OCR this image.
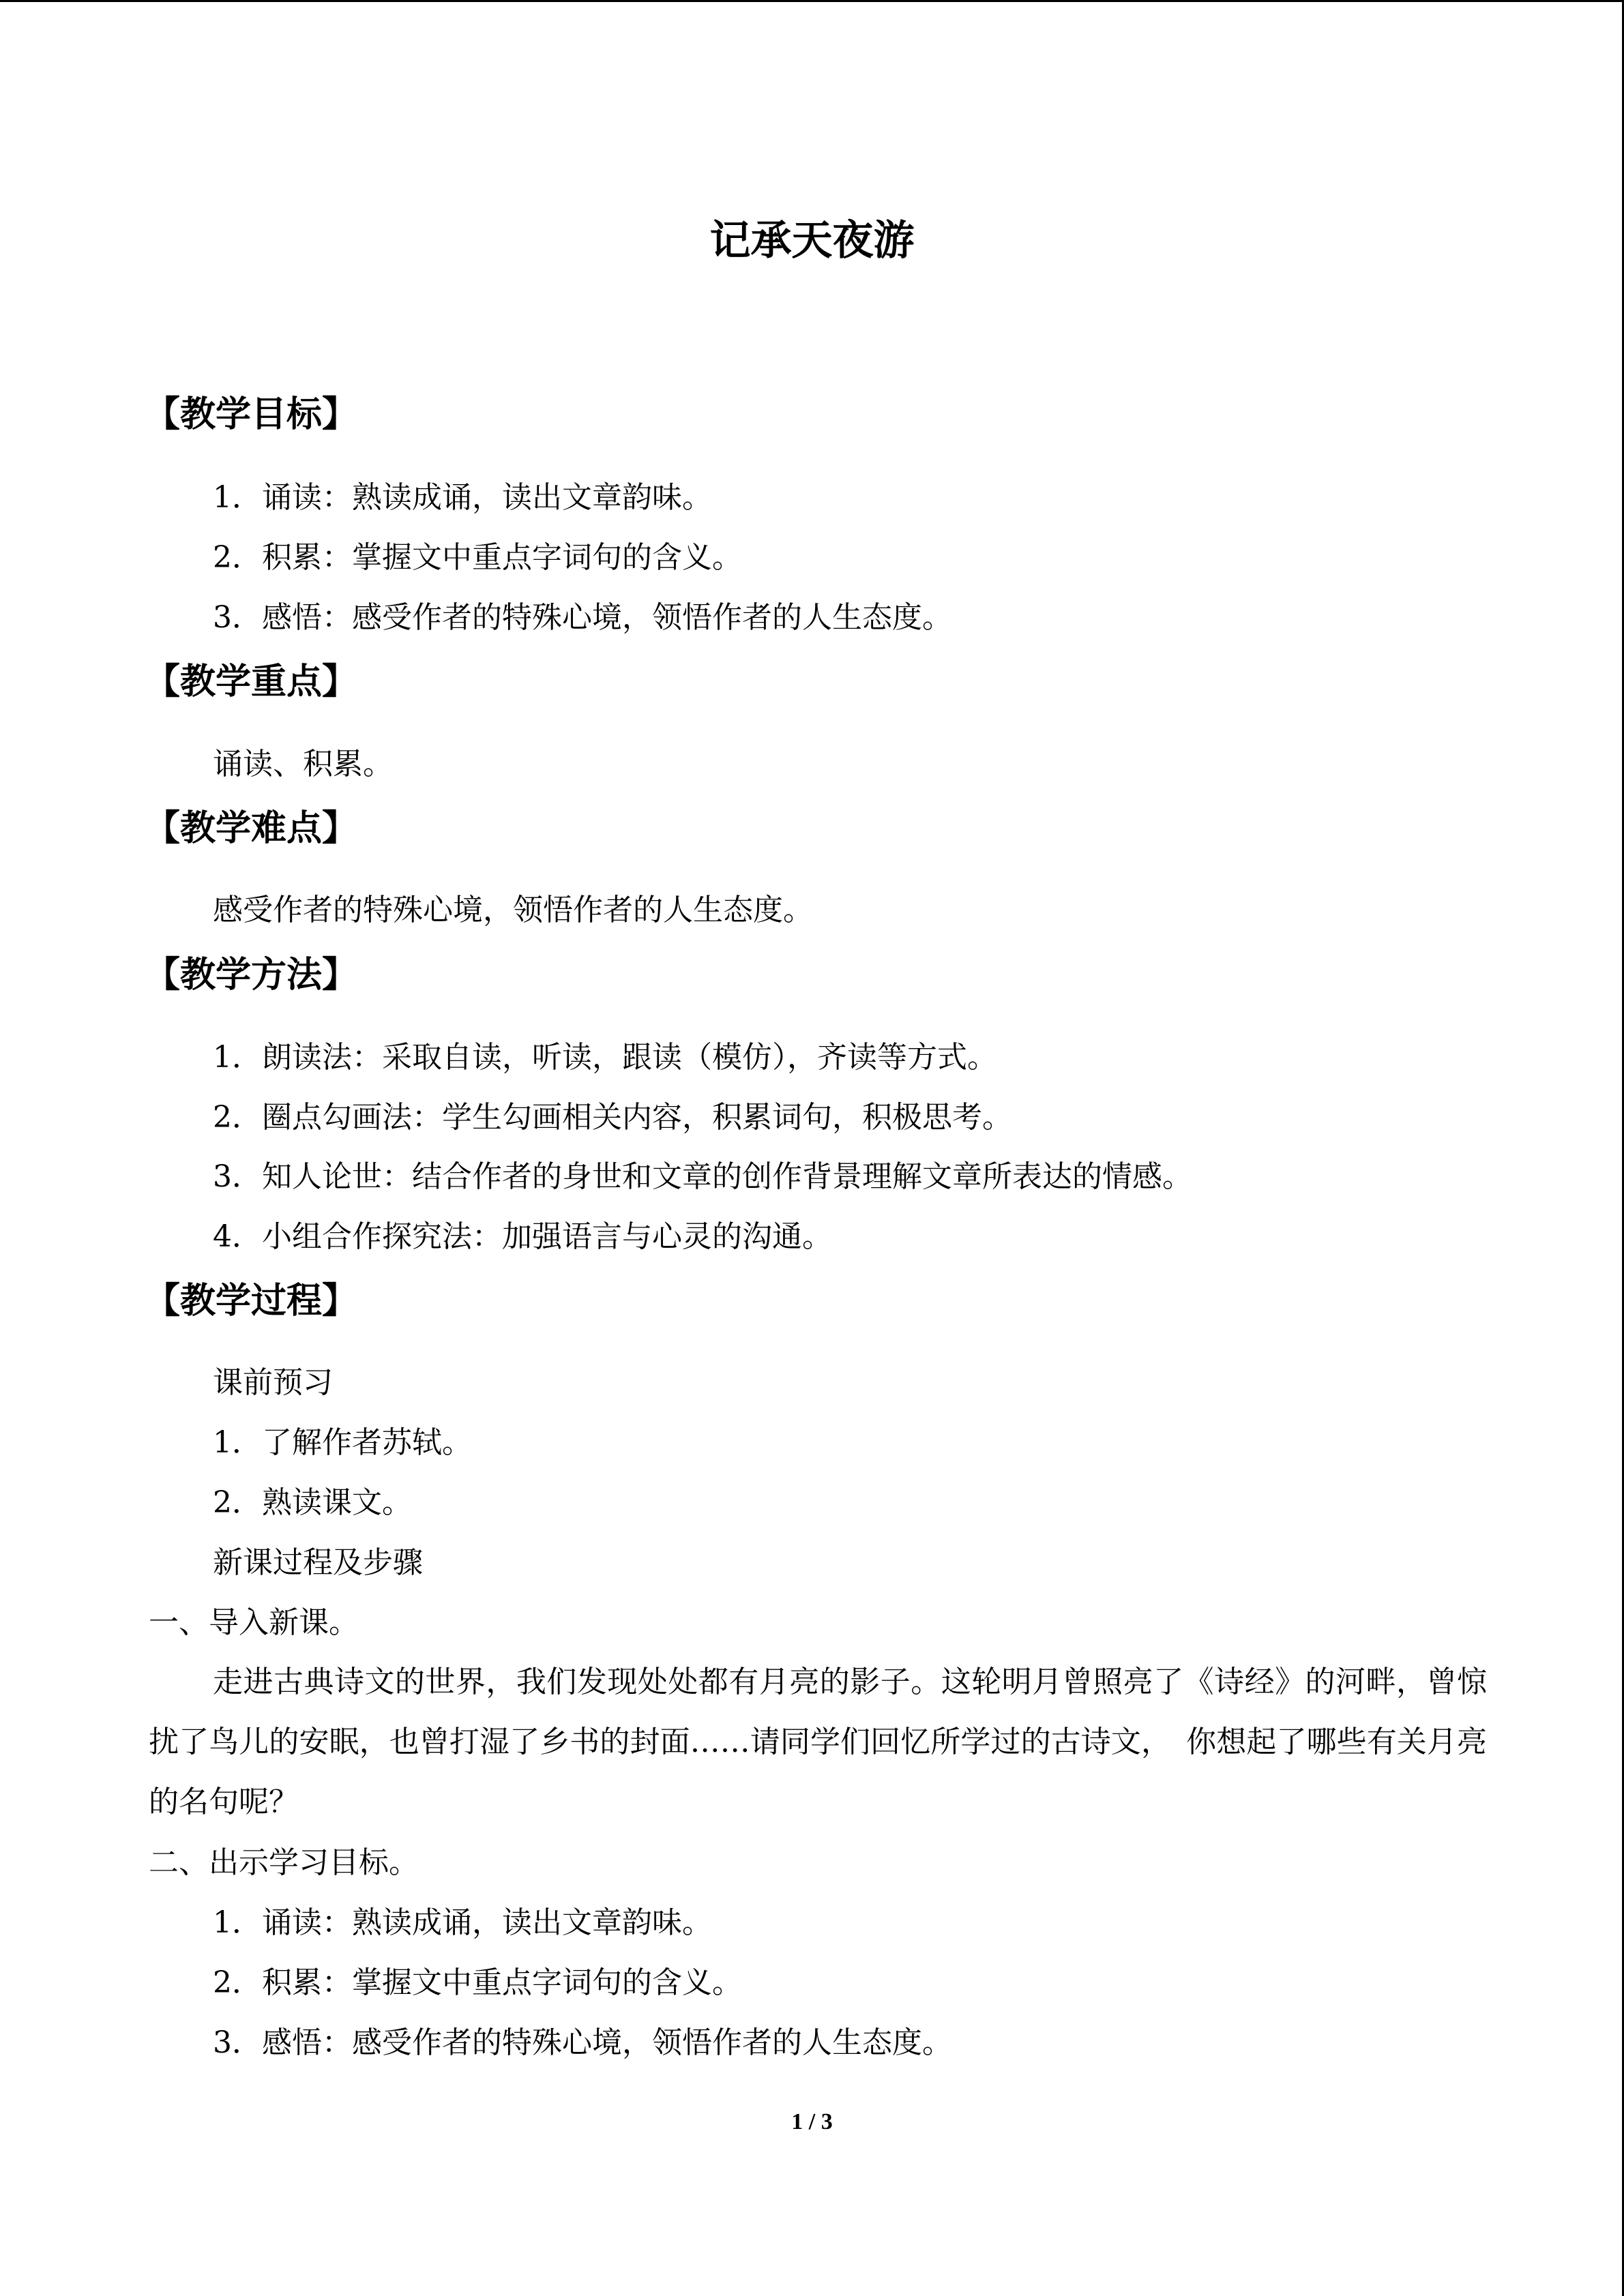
记承天夜游
【教学目标】
1．诵读：熟读成诵，读出文章韵味。
2．积累：掌握文中重点字词句的含义。
3．感悟：感受作者的特殊心境，领悟作者的人生态度。
【教学重点】
诵读、积累。
【教学难点】
感受作者的特殊心境，领悟作者的人生态度。
【教学方法】
1．朗读法：采取自读，听读，跟读（模仿），齐读等方式。
2．圈点勾画法：学生勾画相关内容，积累词句，积极思考。
3．知人论世：结合作者的身世和文章的创作背景理解文章所表达的情感。
4．小组合作探究法：加强语言与心灵的沟通。
【教学过程】
课前预习
1．了解作者苏轼。
2．熟读课文。
新课过程及步骤
一、导入新课。
走进古典诗文的世界，我们发现处处都有月亮的影子。这轮明月曾照亮了《诗经》的河畔，曾惊扰了鸟儿的安眠，也曾打湿了乡书的封面……请同学们回忆所学过的古诗文，　你想起了哪些有关月亮的名句呢？
二、出示学习目标。
1．诵读：熟读成诵，读出文章韵味。
2．积累：掌握文中重点字词句的含义。
3．感悟：感受作者的特殊心境，领悟作者的人生态度。
1 / 3
